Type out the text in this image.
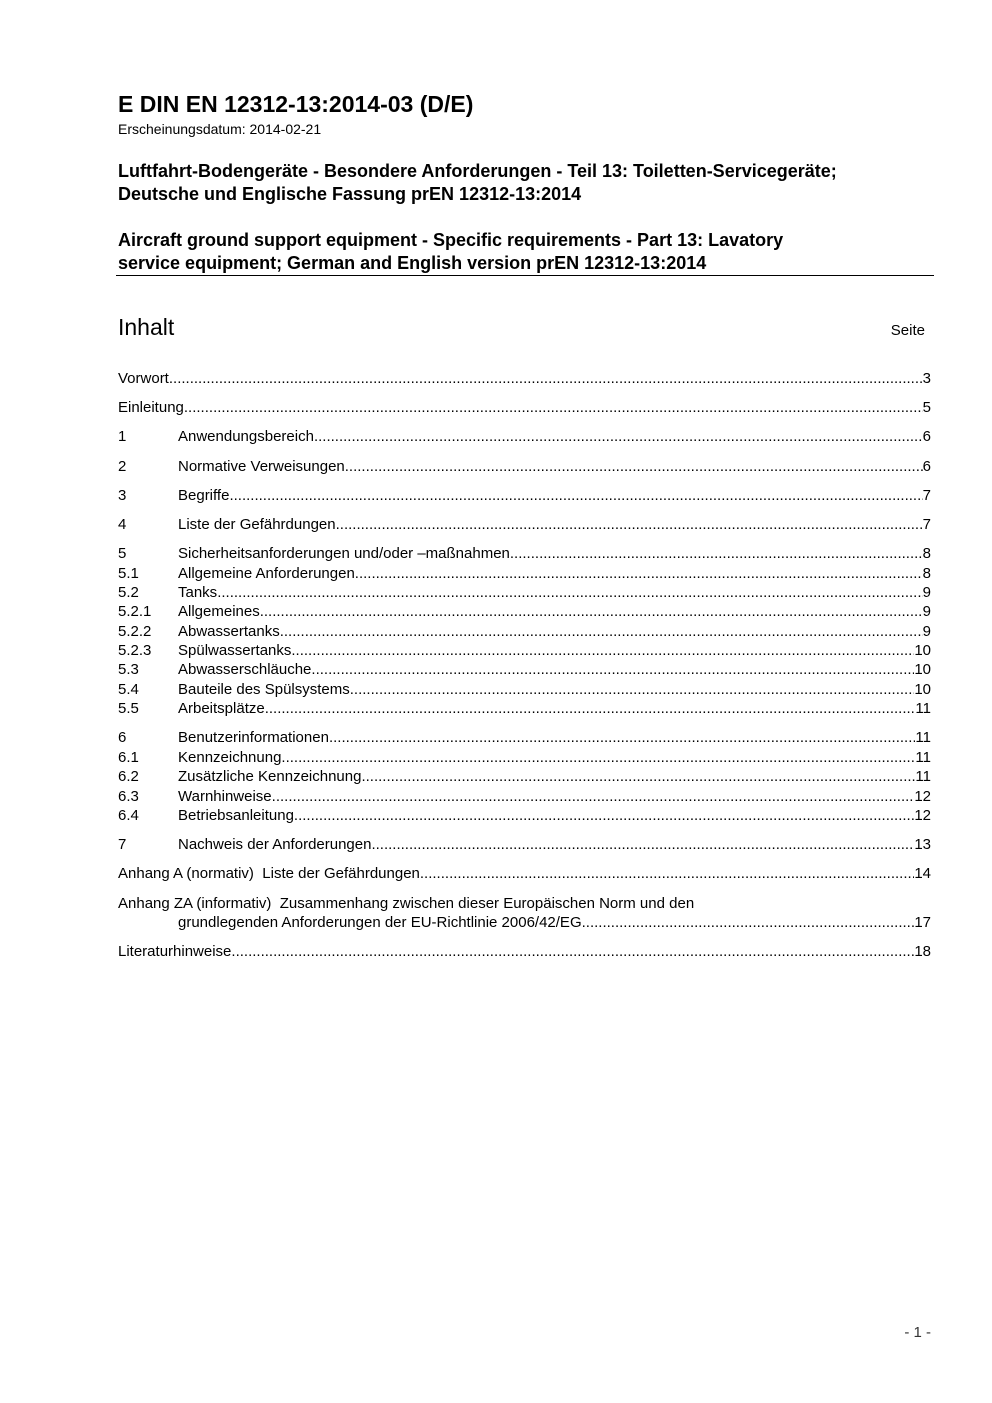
E DIN EN 12312-13:2014-03 (D/E)
Erscheinungsdatum: 2014-02-21
Luftfahrt-Bodengeräte - Besondere Anforderungen - Teil 13: Toiletten-Servicegeräte;
Deutsche und Englische Fassung prEN 12312-13:2014
Aircraft ground support equipment - Specific requirements - Part 13: Lavatory
service equipment; German and English version prEN 12312-13:2014
Inhalt	Seite
Vorwort .....	3
Einleitung .....	5
1	Anwendungsbereich .....	6
2	Normative Verweisungen .....	6
3	Begriffe .....	7
4	Liste der Gefährdungen .....	7
5	Sicherheitsanforderungen und/oder –maßnahmen .....	8
5.1	Allgemeine Anforderungen .....	8
5.2	Tanks .....	9
5.2.1	Allgemeines .....	9
5.2.2	Abwassertanks .....	9
5.2.3	Spülwassertanks .....	10
5.3	Abwasserschläuche .....	10
5.4	Bauteile des Spülsystems .....	10
5.5	Arbeitsplätze .....	11
6	Benutzerinformationen .....	11
6.1	Kennzeichnung .....	11
6.2	Zusätzliche Kennzeichnung .....	11
6.3	Warnhinweise .....	12
6.4	Betriebsanleitung .....	12
7	Nachweis der Anforderungen .....	13
Anhang A (normativ) Liste der Gefährdungen .....	14
Anhang ZA (informativ) Zusammenhang zwischen dieser Europäischen Norm und den
grundlegenden Anforderungen der EU-Richtlinie 2006/42/EG .....	17
Literaturhinweise .....	18
- 1 -
